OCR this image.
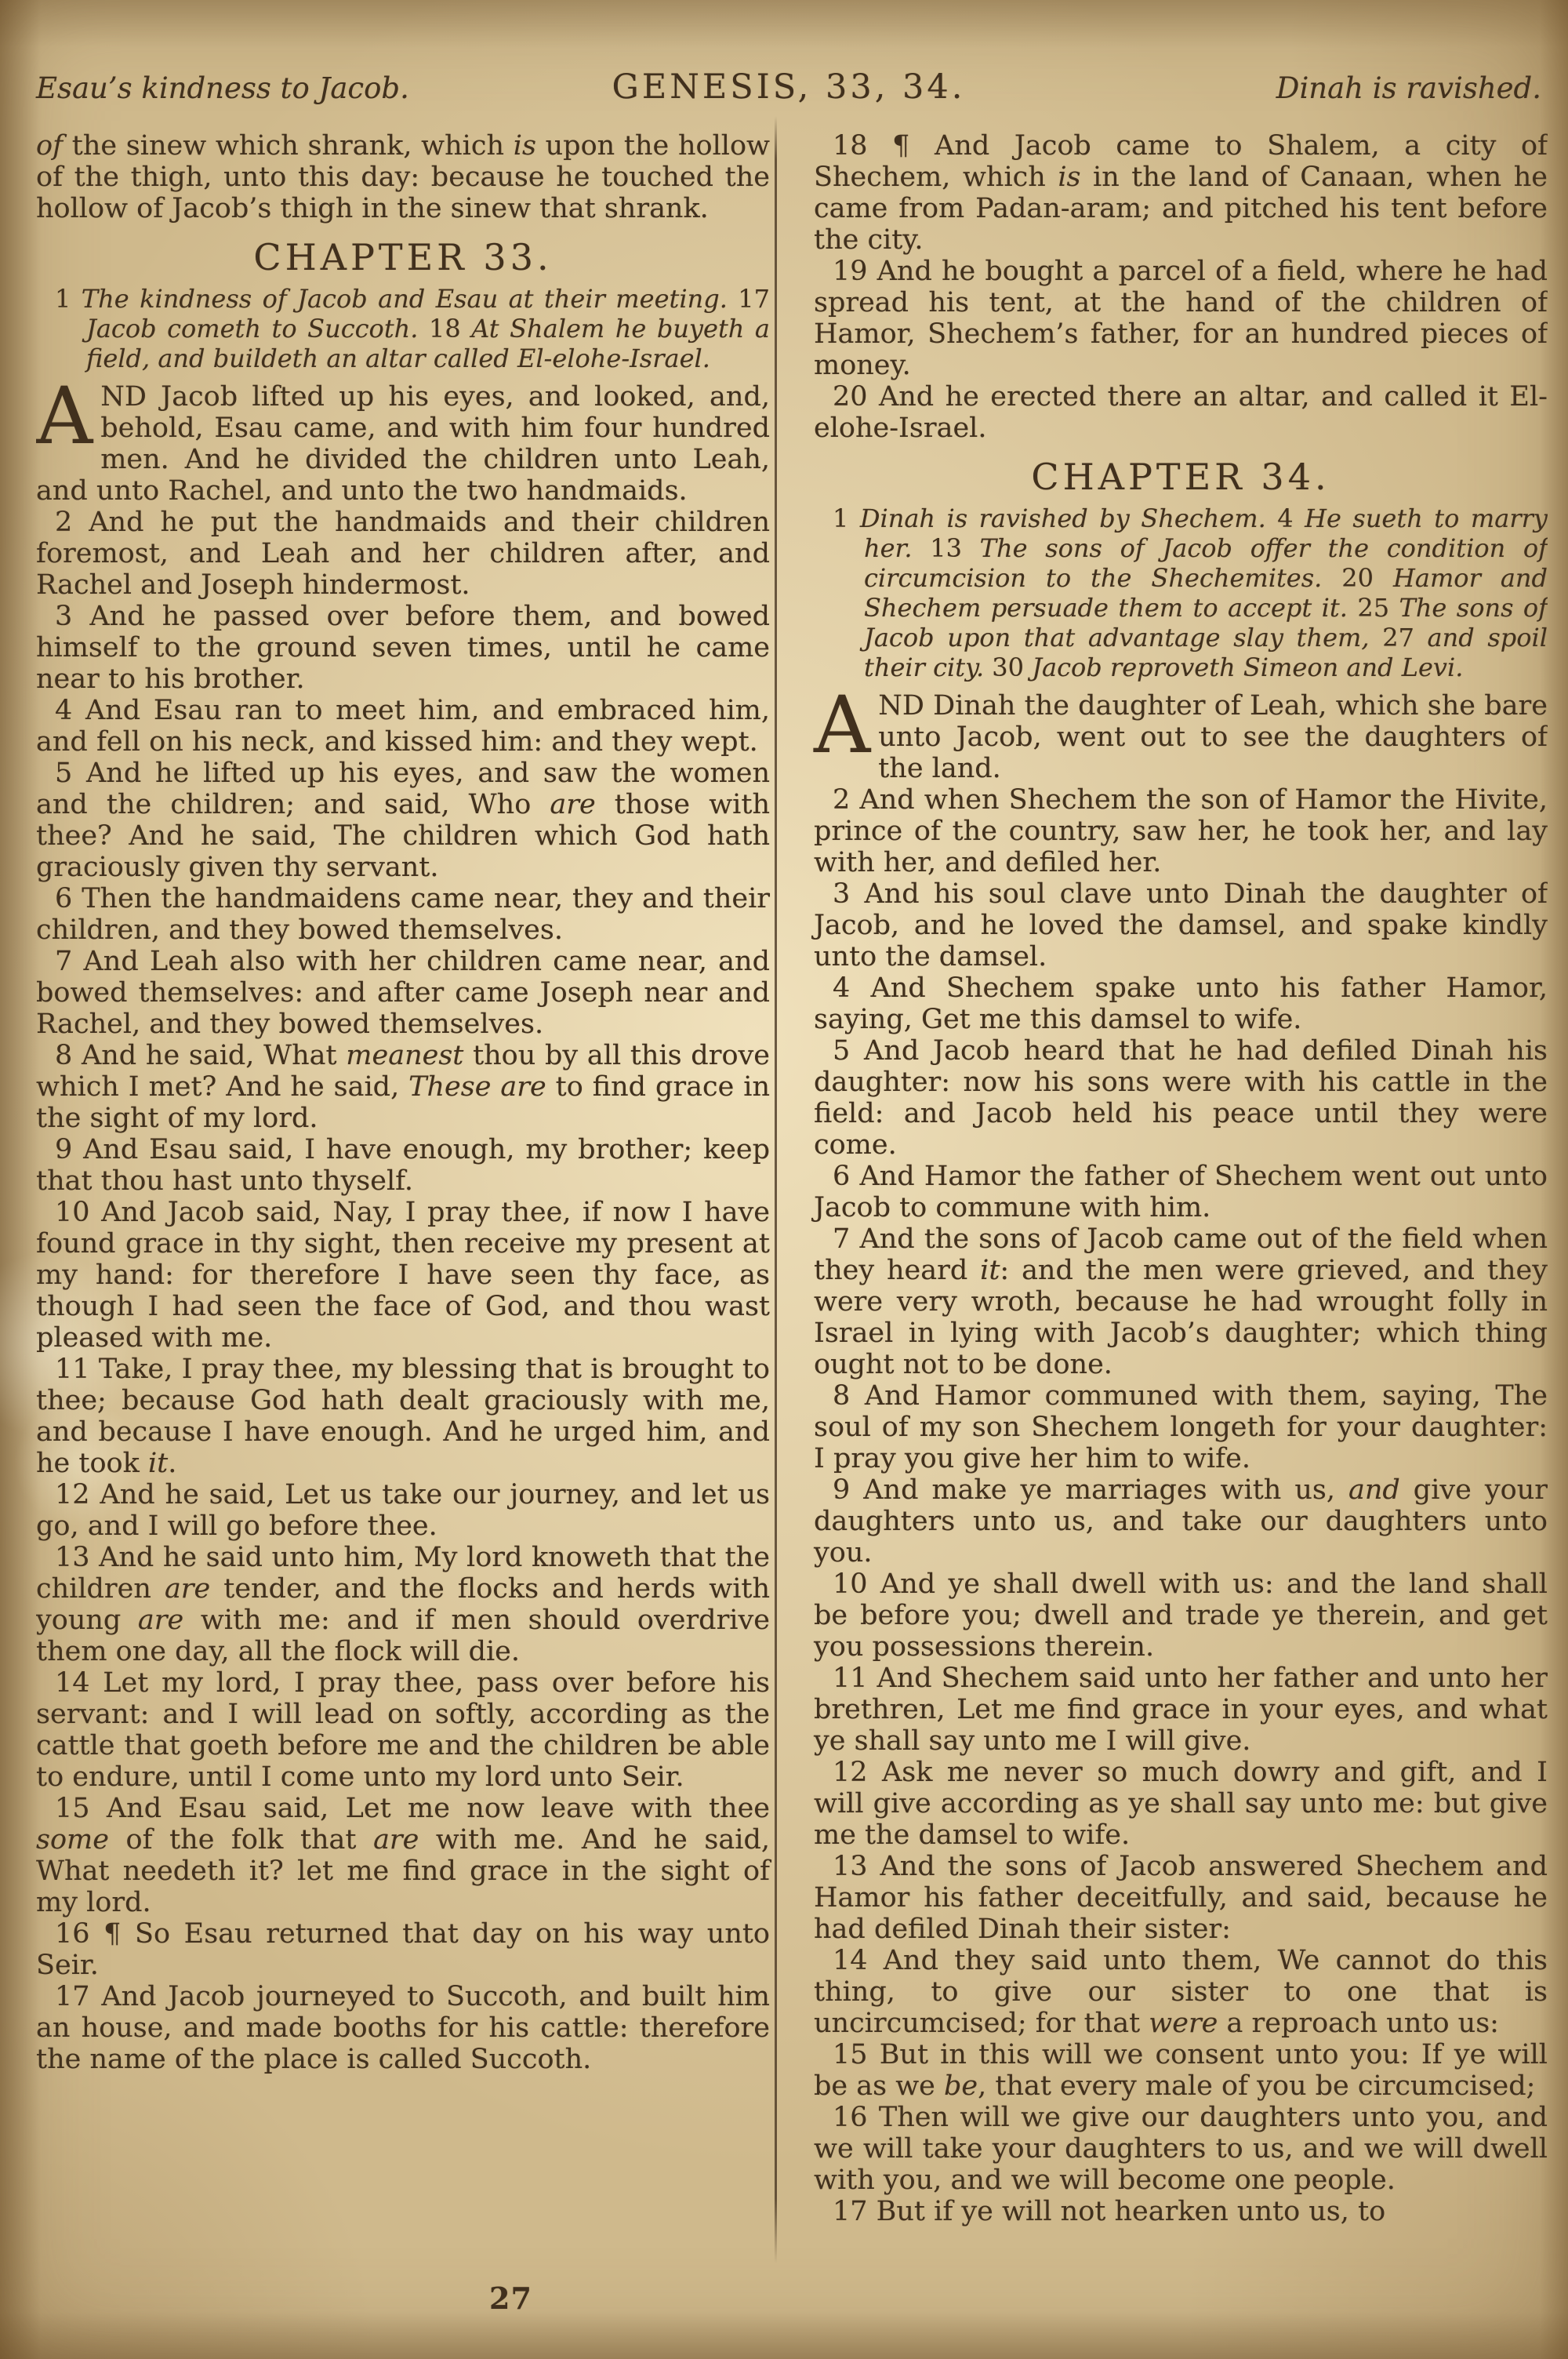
Esau’s kindness to Jacob.	GENESIS, 33, 34.	Dinah is ravished.

of the sinew which shrank, which is upon the hollow of the thigh, unto this day: because he touched the hollow of Jacob’s thigh in the sinew that shrank.

CHAPTER 33.

1 The kindness of Jacob and Esau at their meeting. 17 Jacob cometh to Succoth. 18 At Shalem he buyeth a field, and buildeth an altar called El-elohe-Israel.

AND Jacob lifted up his eyes, and looked, and, behold, Esau came, and with him four hundred men. And he divided the children unto Leah, and unto Rachel, and unto the two handmaids.

2 And he put the handmaids and their children foremost, and Leah and her children after, and Rachel and Joseph hindermost.

3 And he passed over before them, and bowed himself to the ground seven times, until he came near to his brother.

4 And Esau ran to meet him, and embraced him, and fell on his neck, and kissed him: and they wept.

5 And he lifted up his eyes, and saw the women and the children; and said, Who are those with thee? And he said, The children which God hath graciously given thy servant.

6 Then the handmaidens came near, they and their children, and they bowed themselves.

7 And Leah also with her children came near, and bowed themselves: and after came Joseph near and Rachel, and they bowed themselves.

8 And he said, What meanest thou by all this drove which I met? And he said, These are to find grace in the sight of my lord.

9 And Esau said, I have enough, my brother; keep that thou hast unto thyself.

10 And Jacob said, Nay, I pray thee, if now I have found grace in thy sight, then receive my present at my hand: for therefore I have seen thy face, as though I had seen the face of God, and thou wast pleased with me.

11 Take, I pray thee, my blessing that is brought to thee; because God hath dealt graciously with me, and because I have enough. And he urged him, and he took it.

12 And he said, Let us take our journey, and let us go, and I will go before thee.

13 And he said unto him, My lord knoweth that the children are tender, and the flocks and herds with young are with me: and if men should overdrive them one day, all the flock will die.

14 Let my lord, I pray thee, pass over before his servant: and I will lead on softly, according as the cattle that goeth before me and the children be able to endure, until I come unto my lord unto Seir.

15 And Esau said, Let me now leave with thee some of the folk that are with me. And he said, What needeth it? let me find grace in the sight of my lord.

16 ¶ So Esau returned that day on his way unto Seir.

17 And Jacob journeyed to Succoth, and built him an house, and made booths for his cattle: therefore the name of the place is called Succoth.

18 ¶ And Jacob came to Shalem, a city of Shechem, which is in the land of Canaan, when he came from Padan-aram; and pitched his tent before the city.

19 And he bought a parcel of a field, where he had spread his tent, at the hand of the children of Hamor, Shechem’s father, for an hundred pieces of money.

20 And he erected there an altar, and called it El-elohe-Israel.

CHAPTER 34.

1 Dinah is ravished by Shechem. 4 He sueth to marry her. 13 The sons of Jacob offer the condition of circumcision to the Shechemites. 20 Hamor and Shechem persuade them to accept it. 25 The sons of Jacob upon that advantage slay them, 27 and spoil their city. 30 Jacob reproveth Simeon and Levi.

AND Dinah the daughter of Leah, which she bare unto Jacob, went out to see the daughters of the land.

2 And when Shechem the son of Hamor the Hivite, prince of the country, saw her, he took her, and lay with her, and defiled her.

3 And his soul clave unto Dinah the daughter of Jacob, and he loved the damsel, and spake kindly unto the damsel.

4 And Shechem spake unto his father Hamor, saying, Get me this damsel to wife.

5 And Jacob heard that he had defiled Dinah his daughter: now his sons were with his cattle in the field: and Jacob held his peace until they were come.

6 And Hamor the father of Shechem went out unto Jacob to commune with him.

7 And the sons of Jacob came out of the field when they heard it: and the men were grieved, and they were very wroth, because he had wrought folly in Israel in lying with Jacob’s daughter; which thing ought not to be done.

8 And Hamor communed with them, saying, The soul of my son Shechem longeth for your daughter: I pray you give her him to wife.

9 And make ye marriages with us, and give your daughters unto us, and take our daughters unto you.

10 And ye shall dwell with us: and the land shall be before you; dwell and trade ye therein, and get you possessions therein.

11 And Shechem said unto her father and unto her brethren, Let me find grace in your eyes, and what ye shall say unto me I will give.

12 Ask me never so much dowry and gift, and I will give according as ye shall say unto me: but give me the damsel to wife.

13 And the sons of Jacob answered Shechem and Hamor his father deceitfully, and said, because he had defiled Dinah their sister:

14 And they said unto them, We cannot do this thing, to give our sister to one that is uncircumcised; for that were a reproach unto us:

15 But in this will we consent unto you: If ye will be as we be, that every male of you be circumcised;

16 Then will we give our daughters unto you, and we will take your daughters to us, and we will dwell with you, and we will become one people.

17 But if ye will not hearken unto us, to

27
